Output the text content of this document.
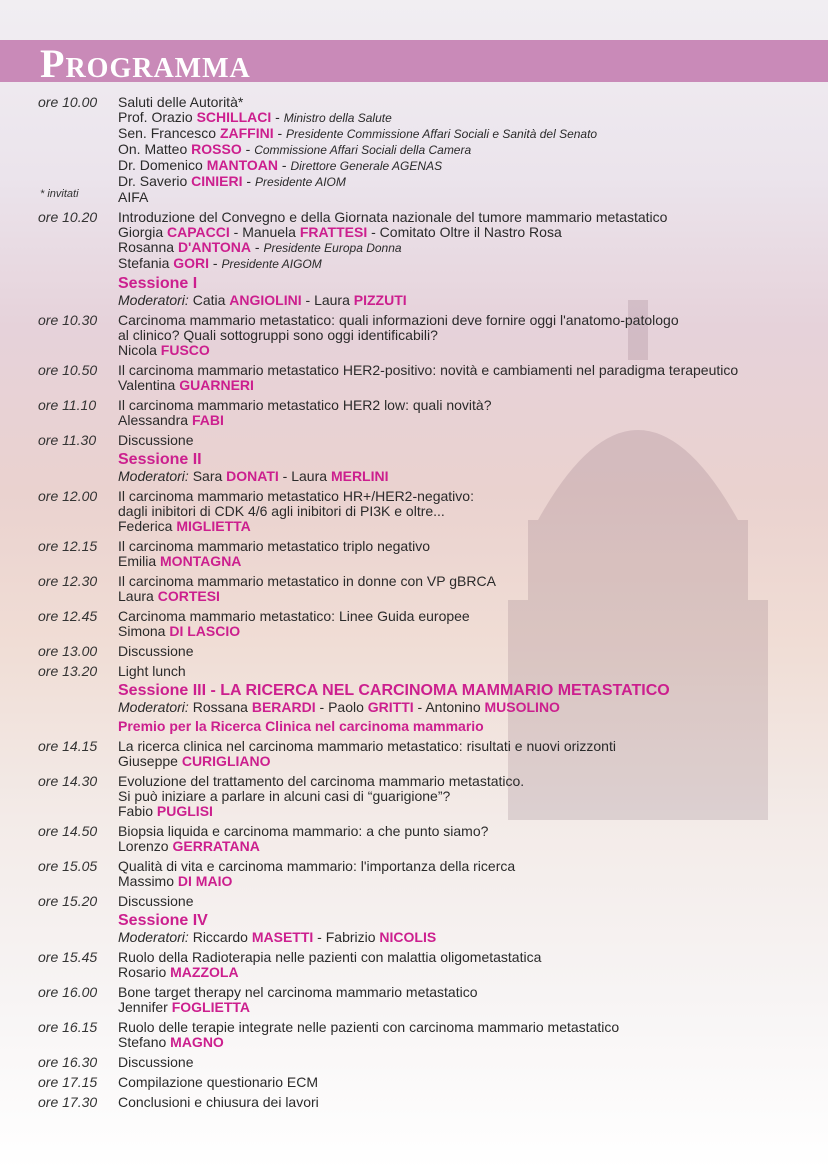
PROGRAMMA
* invitati
ore 10.00	Saluti delle Autorità*
Prof. Orazio SCHILLACI - Ministro della Salute
Sen. Francesco ZAFFINI - Presidente Commissione Affari Sociali e Sanità del Senato
On. Matteo ROSSO - Commissione Affari Sociali della Camera
Dr. Domenico MANTOAN - Direttore Generale AGENAS
Dr. Saverio CINIERI - Presidente AIOM
AIFA
ore 10.20	Introduzione del Convegno e della Giornata nazionale del tumore mammario metastatico
Giorgia CAPACCI - Manuela FRATTESI - Comitato Oltre il Nastro Rosa
Rosanna D'ANTONA - Presidente Europa Donna
Stefania GORI - Presidente AIGOM
Sessione I
Moderatori: Catia ANGIOLINI - Laura PIZZUTI
ore 10.30	Carcinoma mammario metastatico: quali informazioni deve fornire oggi l'anatomo-patologo
al clinico? Quali sottogruppi sono oggi identificabili?
Nicola FUSCO
ore 10.50	Il carcinoma mammario metastatico HER2-positivo: novità e cambiamenti nel paradigma terapeutico
Valentina GUARNERI
ore 11.10	Il carcinoma mammario metastatico HER2 low: quali novità?
Alessandra FABI
ore 11.30	Discussione
Sessione II
Moderatori: Sara DONATI - Laura MERLINI
ore 12.00	Il carcinoma mammario metastatico HR+/HER2-negativo:
dagli inibitori di CDK 4/6 agli inibitori di PI3K e oltre...
Federica MIGLIETTA
ore 12.15	Il carcinoma mammario metastatico triplo negativo
Emilia MONTAGNA
ore 12.30	Il carcinoma mammario metastatico in donne con VP gBRCA
Laura CORTESI
ore 12.45	Carcinoma mammario metastatico: Linee Guida europee
Simona DI LASCIO
ore 13.00	Discussione
ore 13.20	Light lunch
Sessione III - LA RICERCA NEL CARCINOMA MAMMARIO METASTATICO
Moderatori: Rossana BERARDI - Paolo GRITTI - Antonino MUSOLINO
Premio per la Ricerca Clinica nel carcinoma mammario
ore 14.15	La ricerca clinica nel carcinoma mammario metastatico: risultati e nuovi orizzonti
Giuseppe CURIGLIANO
ore 14.30	Evoluzione del trattamento del carcinoma mammario metastatico.
Si può iniziare a parlare in alcuni casi di “guarigione”?
Fabio PUGLISI
ore 14.50	Biopsia liquida e carcinoma mammario: a che punto siamo?
Lorenzo GERRATANA
ore 15.05	Qualità di vita e carcinoma mammario: l'importanza della ricerca
Massimo DI MAIO
ore 15.20	Discussione
Sessione IV
Moderatori: Riccardo MASETTI - Fabrizio NICOLIS
ore 15.45	Ruolo della Radioterapia nelle pazienti con malattia oligometastatica
Rosario MAZZOLA
ore 16.00	Bone target therapy nel carcinoma mammario metastatico
Jennifer FOGLIETTA
ore 16.15	Ruolo delle terapie integrate nelle pazienti con carcinoma mammario metastatico
Stefano MAGNO
ore 16.30	Discussione
ore 17.15	Compilazione questionario ECM
ore 17.30	Conclusioni e chiusura dei lavori
